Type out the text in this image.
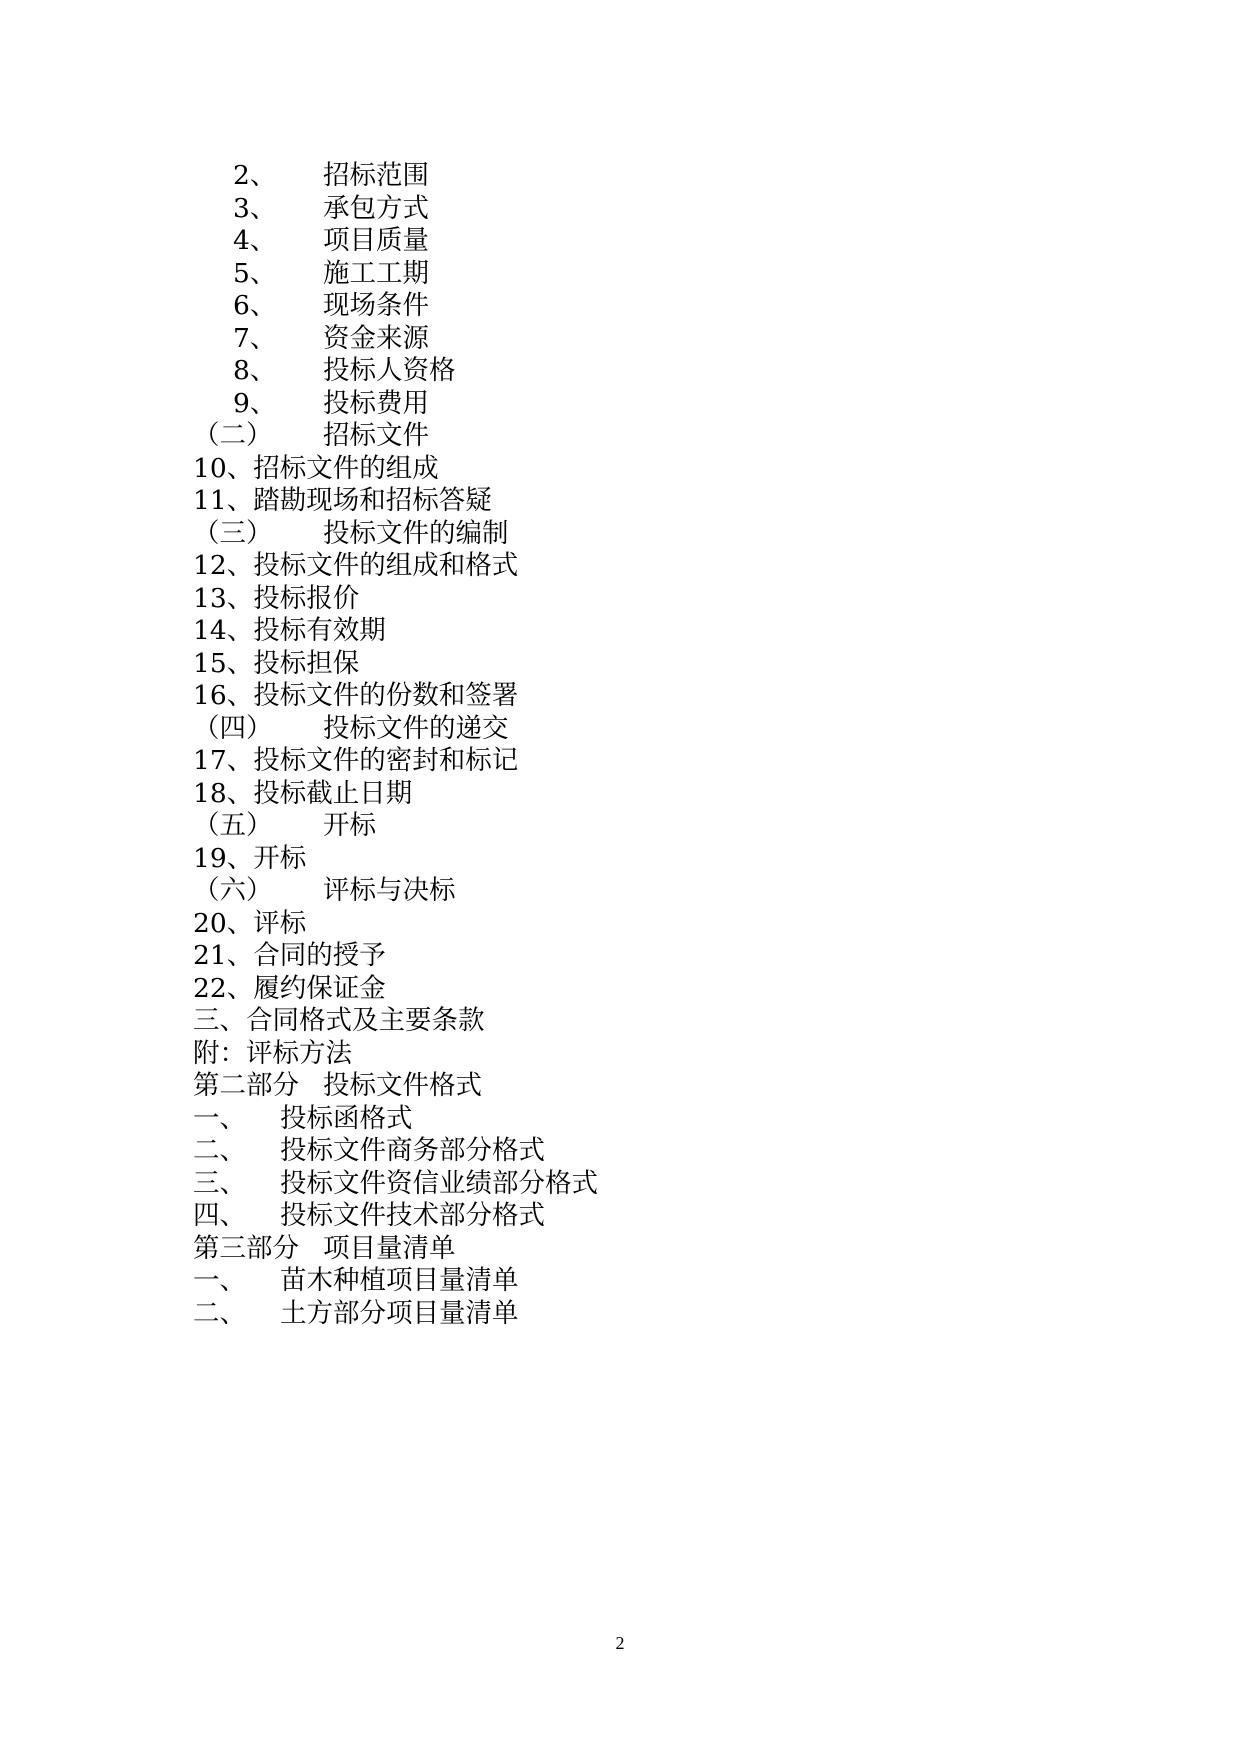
2、	招标范围
3、	承包方式
4、	项目质量
5、	施工工期
6、	现场条件
7、	资金来源
8、	投标人资格
9、	投标费用
（二）	招标文件
10、 招标文件的组成
11、 踏勘现场和招标答疑
（三）	投标文件的编制
12、 投标文件的组成和格式
13、 投标报价
14、 投标有效期
15、 投标担保
16、 投标文件的份数和签署
（四）	投标文件的递交
17、 投标文件的密封和标记
18、 投标截止日期
（五）	开标
19、 开标
（六）	评标与决标
20、 评标
21、 合同的授予
22、 履约保证金
三、 合同格式及主要条款
附： 评标方法
第二部分 投标文件格式
一、	投标函格式
二、	投标文件商务部分格式
三、	投标文件资信业绩部分格式
四、	投标文件技术部分格式
第三部分 项目量清单
一、	苗木种植项目量清单
二、	土方部分项目量清单
2
